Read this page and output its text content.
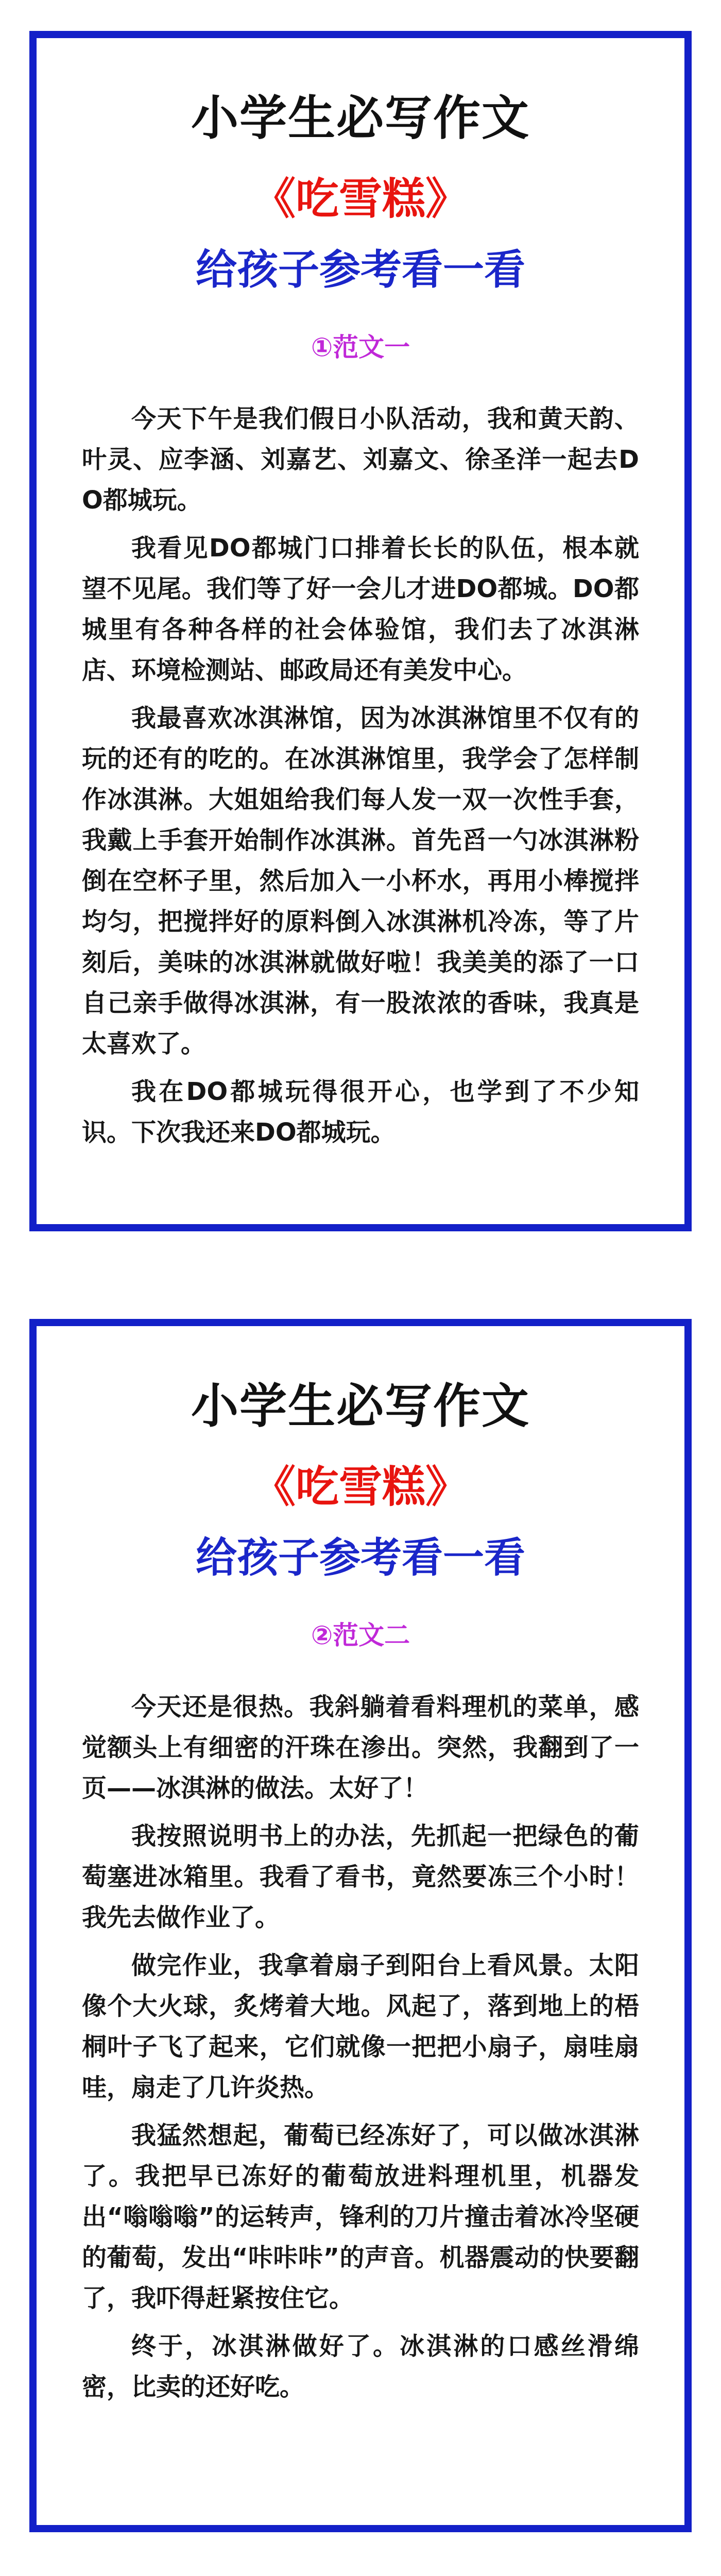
小学生必写作文
《吃雪糕》
给孩子参考看一看
①范文一

今天下午是我们假日小队活动，我和黄天韵、叶灵、应李涵、刘嘉艺、刘嘉文、徐圣洋一起去DO都城玩。

我看见DO都城门口排着长长的队伍，根本就望不见尾。我们等了好一会儿才进DO都城。DO都城里有各种各样的社会体验馆，我们去了冰淇淋店、环境检测站、邮政局还有美发中心。

我最喜欢冰淇淋馆，因为冰淇淋馆里不仅有的玩的还有的吃的。在冰淇淋馆里，我学会了怎样制作冰淇淋。大姐姐给我们每人发一双一次性手套，我戴上手套开始制作冰淇淋。首先舀一勺冰淇淋粉倒在空杯子里，然后加入一小杯水，再用小棒搅拌均匀，把搅拌好的原料倒入冰淇淋机冷冻，等了片刻后，美味的冰淇淋就做好啦！我美美的添了一口自己亲手做得冰淇淋，有一股浓浓的香味，我真是太喜欢了。

我在DO都城玩得很开心，也学到了不少知识。下次我还来DO都城玩。

小学生必写作文
《吃雪糕》
给孩子参考看一看
②范文二

今天还是很热。我斜躺着看料理机的菜单，感觉额头上有细密的汗珠在渗出。突然，我翻到了一页——冰淇淋的做法。太好了！

我按照说明书上的办法，先抓起一把绿色的葡萄塞进冰箱里。我看了看书，竟然要冻三个小时！我先去做作业了。

做完作业，我拿着扇子到阳台上看风景。太阳像个大火球，炙烤着大地。风起了，落到地上的梧桐叶子飞了起来，它们就像一把把小扇子，扇哇扇哇，扇走了几许炎热。

我猛然想起，葡萄已经冻好了，可以做冰淇淋了。我把早已冻好的葡萄放进料理机里，机器发出“嗡嗡嗡”的运转声，锋利的刀片撞击着冰冷坚硬的葡萄，发出“咔咔咔”的声音。机器震动的快要翻了，我吓得赶紧按住它。

终于，冰淇淋做好了。冰淇淋的口感丝滑绵密，比卖的还好吃。
